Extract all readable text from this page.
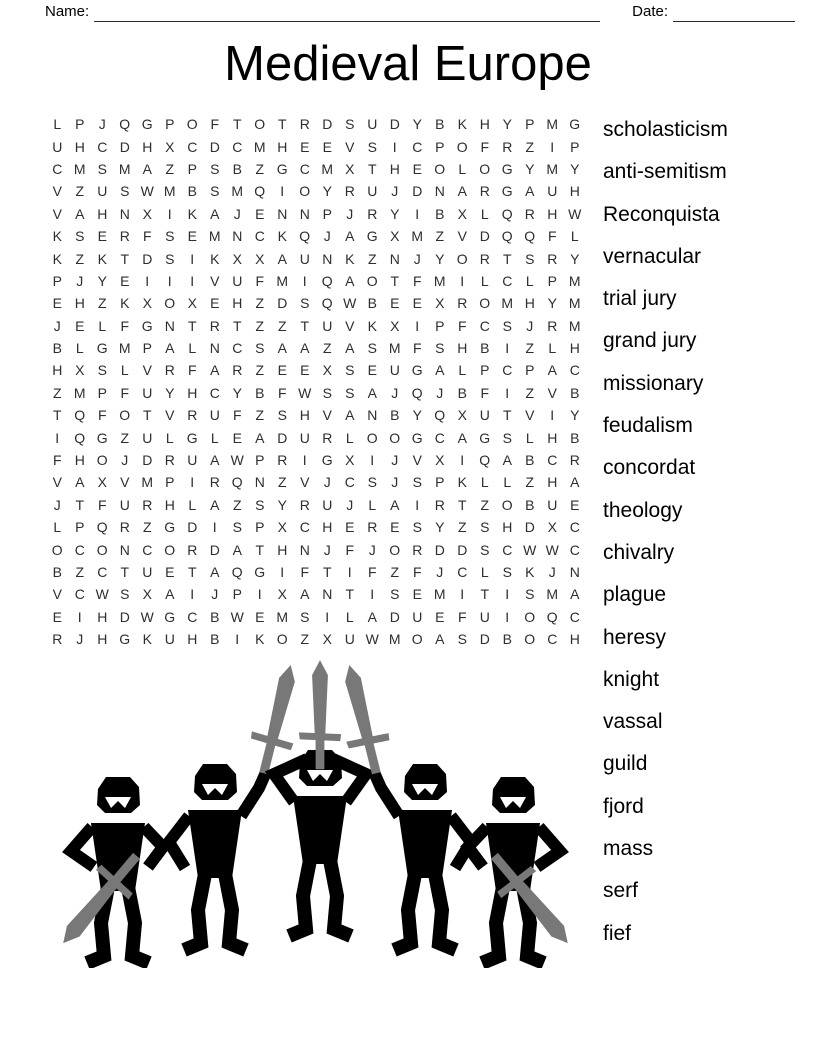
Name:	Date:
Medieval Europe
L P	J Q G P O F T O T R D S U D Y B K H Y P M G
U H C D H X C D C M H E E V S	I	C P O F R Z	I	P
C M S M A Z P S B Z G C M X T H E O L O G Y M Y
V Z U S W M B S M Q	I	O Y R U J D N A R G A U H
V A H N X	I	K A	J	E N N P	J R Y	I	B X L Q R H W
K S E R F S E M N C K Q J	A G X M Z V D Q Q F	L
K Z K T D S	I	K X X A U N K Z N J	Y O R T S R Y
P	J	Y E	I	I	I	V U F M	I	Q A O T F M	I	L C L P M
E H Z K X O X E H Z D S Q W B E E X R O M H Y M
J	E L	F G N T R T Z Z T U V K X	I	P F C S	J R M
B L G M P A L N C S A A Z A S M F S H B	I	Z	L H
H X S L V R F A R Z E E X S E U G A L P C P A C
Z M P F U Y H C Y B F W S S A	J Q J	B F	I	Z V B
T Q F O T V R U F Z S H V A N B Y Q X U T V	I	Y
I	Q G Z U L G L E A D U R L O O G C A G S L H B
F H O J D R U A W P R	I	G X	I	J	V X	I	Q A B C R
V A X V M P	I	R Q N Z V	J C S	J	S P K L	L	Z H A
J	T F U R H L A Z S Y R U J	L A	I	R T Z O B U E
L P Q R Z G D	I	S P X C H E R E S Y Z S H D X C
O C O N C O R D A T H N J	F	J O R D D S C W W C
B Z C T U E T A Q G	I	F T	I	F Z F	J C L S K	J N
V C W S X A	I	J	P	I	X A N T	I	S E M	I	T	I	S M A
E	I	H D W G C B W E M S	I	L A D U E F U	I	O Q C
R J H G K U H B	I	K O Z X U W M O A S D B O C H
scholasticism
anti-semitism
Reconquista
vernacular
trial jury
grand jury
missionary
feudalism
concordat
theology
chivalry
plague
heresy
knight
vassal
guild
fjord
mass
serf
fief
